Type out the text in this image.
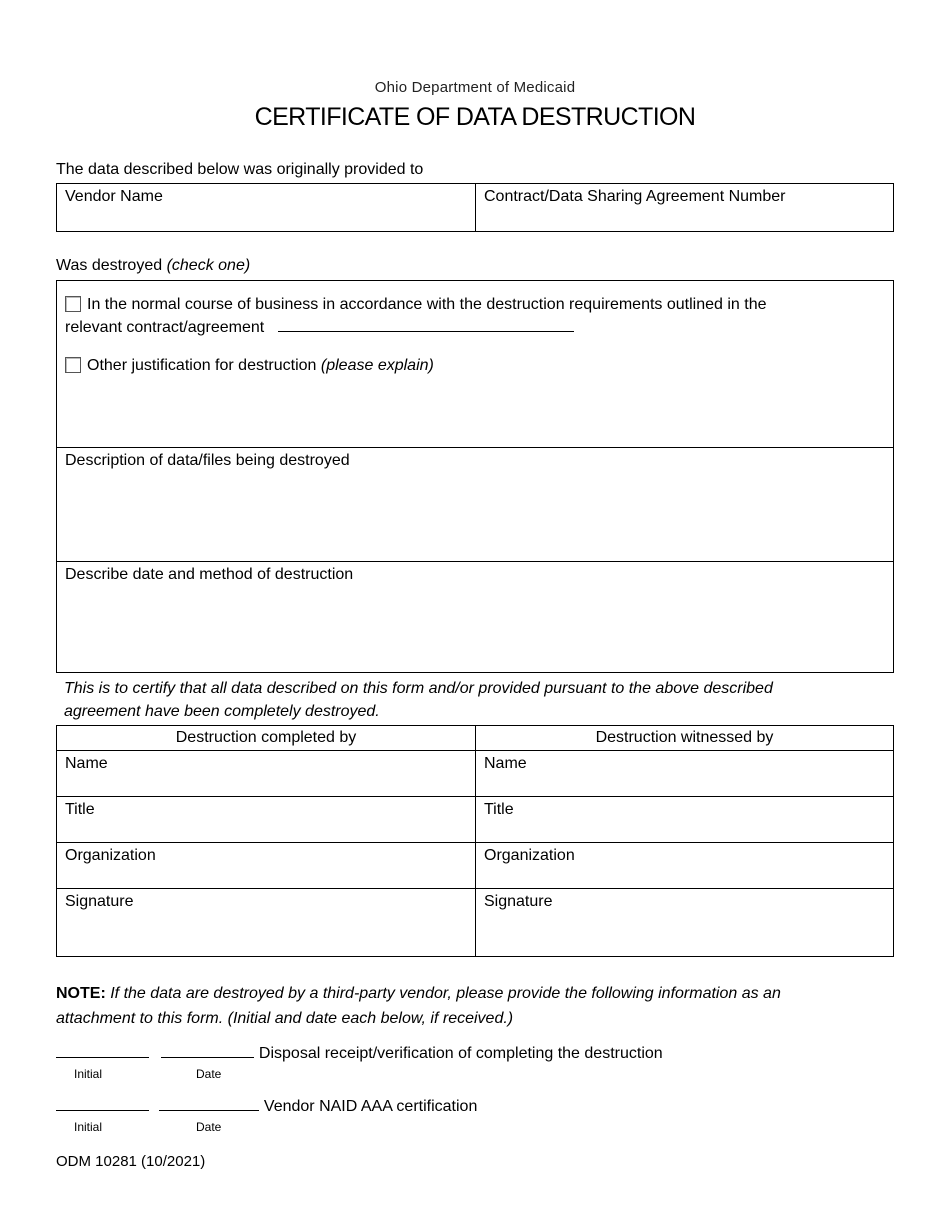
Ohio Department of Medicaid
CERTIFICATE OF DATA DESTRUCTION
The data described below was originally provided to
Vendor Name	Contract/Data Sharing Agreement Number
Was destroyed (check one)
In the normal course of business in accordance with the destruction requirements outlined in the
relevant contract/agreement
Other justification for destruction (please explain)
Description of data/files being destroyed
Describe date and method of destruction
This is to certify that all data described on this form and/or provided pursuant to the above described
agreement have been completely destroyed.
Destruction completed by	Destruction witnessed by
Name	Name
Title	Title
Organization	Organization
Signature	Signature
NOTE: If the data are destroyed by a third-party vendor, please provide the following information as an
attachment to this form. (Initial and date each below, if received.)
Disposal receipt/verification of completing the destruction
Initial	Date
Vendor NAID AAA certification
Initial	Date
ODM 10281 (10/2021)
